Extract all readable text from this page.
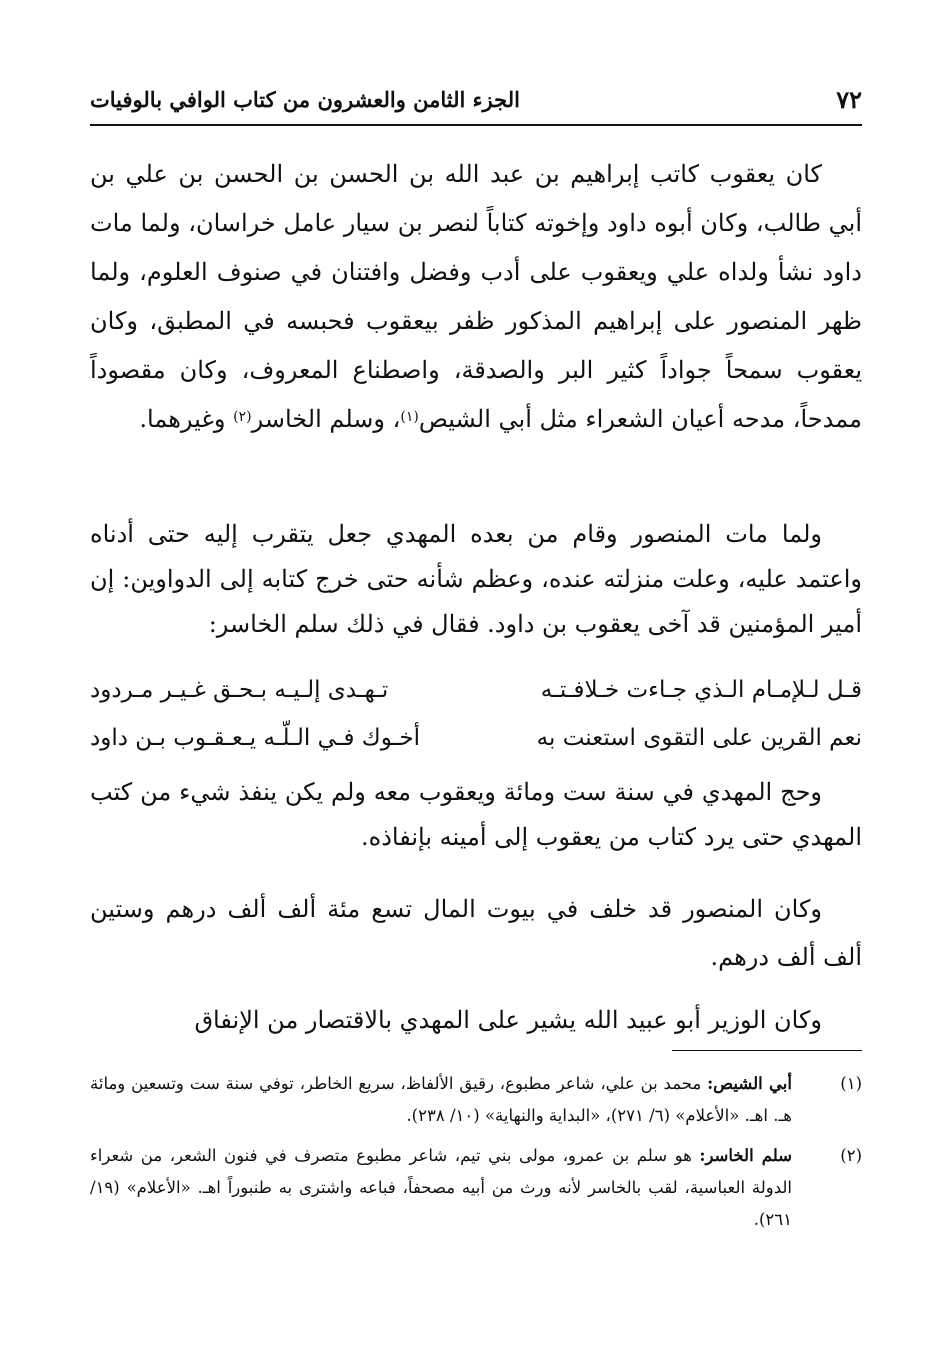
٧٢
الجزء الثامن والعشرون من كتاب الوافي بالوفيات
كان يعقوب كاتب إبراهيم بن عبد الله بن الحسن بن الحسن بن علي بن أبي طالب، وكان أبوه داود وإخوته كتاباً لنصر بن سيار عامل خراسان، ولما مات داود نشأ ولداه علي ويعقوب على أدب وفضل وافتنان في صنوف العلوم، ولما ظهر المنصور على إبراهيم المذكور ظفر بيعقوب فحبسه في المطبق، وكان يعقوب سمحاً جواداً كثير البر والصدقة، واصطناع المعروف، وكان مقصوداً ممدحاً، مدحه أعيان الشعراء مثل أبي الشيص$^{(١)}$، وسلم الخاسر$^{(٢)}$ وغيرهما.
ولما مات المنصور وقام من بعده المهدي جعل يتقرب إليه حتى أدناه واعتمد عليه، وعلت منزلته عنده، وعظم شأنه حتى خرج كتابه إلى الدواوين: إن أمير المؤمنين قد آخى يعقوب بن داود. فقال في ذلك سلم الخاسر:
قـل لـلإمـام الـذي جـاءت خـلافـتـه
تـهـدى إلـيـه بـحـق غـيـر مـردود
نعم القرين على التقوى استعنت به
أخـوك فـي الـلّـه يـعـقـوب بـن داود
وحج المهدي في سنة ست ومائة ويعقوب معه ولم يكن ينفذ شيء من كتب المهدي حتى يرد كتاب من يعقوب إلى أمينه بإنفاذه.
وكان المنصور قد خلف في بيوت المال تسع مئة ألف ألف درهم وستين ألف ألف درهم.
وكان الوزير أبو عبيد الله يشير على المهدي بالاقتصار من الإنفاق
(١)
أبي الشيص: محمد بن علي، شاعر مطبوع، رقيق الألفاظ، سريع الخاطر، توفي سنة ست وتسعين ومائة هـ. اهـ. «الأعلام» (٦/ ٢٧١)، «البداية والنهاية» (١٠/ ٢٣٨).
(٢)
سلم الخاسر: هو سلم بن عمرو، مولى بني تيم، شاعر مطبوع متصرف في فنون الشعر، من شعراء الدولة العباسية، لقب بالخاسر لأنه ورث من أبيه مصحفاً، فباعه واشترى به طنبوراً اهـ. «الأعلام» (١٩/ ٢٦١).
